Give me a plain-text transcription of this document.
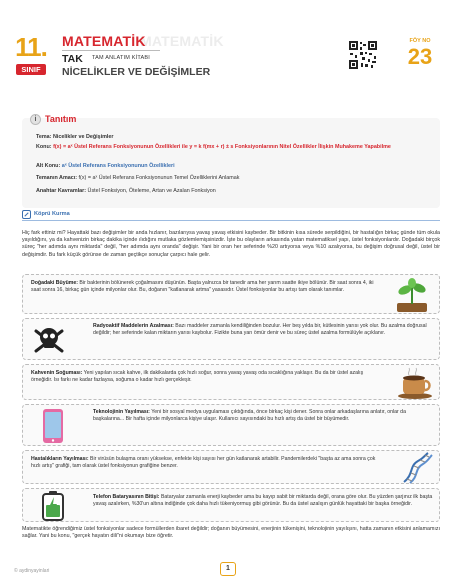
11.
SINIF
MATEMATİK
MATEMATİK
TAK TAM ANLATIM KİTABI
NİCELİKLER VE DEĞİŞİMLER
FÖY NO
23
i Tanıtım
Tema: Nicelikler ve Değişimler
Konu: f(x) = aˣ Üstel Referans Fonksiyonunun Özellikleri ile y = k f(mx + r) ± s Fonksiyonlarının Nitel Özellikler İlişkin Muhakeme Yapabilme
Alt Konu: aˣ Üstel Referans Fonksiyonunun Özellikleri
Temanın Amacı: f(x) = aˣ Üstel Referans Fonksiyonunun Temel Özelliklerini Anlamak
Anahtar Kavramlar: Üstel Fonksiyon, Öteleme, Artan ve Azalan Fonksiyon
Köprü Kurma
Hiç fark ettiniz mi? Hayattaki bazı değişimler bir anda hızlanır, bazılarıysa yavaş yavaş etkisini kaybeder. Bir bitkinin kısa sürede serpildiğini, bir hastalığın birkaç günde tüm okula yayıldığını, ya da kahvenizin birkaç dakika içinde ılıdığını mutlaka gözlemlemişsinizdir. İşte bu olayların arkasında yatan matematiksel yapı, üstel fonksiyonlardır. Doğadaki birçok süreç "her adımda aynı miktarda" değil, "her adımda aynı oranda" değişir. Yani bir oran her seferinde %20 artıyorsa veya %10 azalıyorsa, bu değişim doğrusal değil, üstel bir değişimdir. Bu fark küçük görünse de zaman geçtikçe sonuçlar çarpıcı hale gelir.
Doğadaki Büyüme: Bir bakterinin bölünerek çoğalmasını düşünün. Başta yalnızca bir tanedir ama her yarım saatte ikiye bölünür. Bir saat sonra 4, iki saat sonra 16, birkaç gün içinde milyonlar olur. Bu, doğanın "katlanarak artma" yasasıdır. Üstel fonksiyonlar bu artışı tam olarak tanımlar.
Radyoaktif Maddelerin Azalması: Bazı maddeler zamanla kendiliğinden bozulur. Her beş yılda bir, kütlesinin yarısı yok olur. Bu azalma doğrusal değildir; her seferinde kalan miktarın yarısı kaybolur. Fizikte buna yarı ömür denir ve bu süreç üstel azalma formülüyle açıklanır.
Kahvenin Soğuması: Yeni yapılan sıcak kahve, ilk dakikalarda çok hızlı soğur, sonra yavaş yavaş oda sıcaklığına yaklaşır. Bu da bir üstel azalış örneğidir. Isı farkı ne kadar fazlaysa, soğuma o kadar hızlı gerçekleşir.
Teknolojinin Yayılması: Yeni bir sosyal medya uygulaması çıktığında, önce birkaç kişi dener. Sonra onlar arkadaşlarına anlatır, onlar da başkalarına... Bir hafta içinde milyonlarca kişiye ulaşır. Kullanıcı sayısındaki bu hızlı artış da üstel bir büyümedir.
Hastalıkların Yayılması: Bir virüsün bulaşma oranı yüksekse, enfekte kişi sayısı her gün katlanarak artabilir. Pandemilerdeki "başta az ama sonra çok hızlı artış" grafiği, tam olarak üstel fonksiyonun grafiğine benzer.
Telefon Bataryasının Bitişi: Bataryalar zamanla enerji kaybeder ama bu kayıp sabit bir miktarda değil, orana göre olur. Bu yüzden şarjınız ilk başta yavaş azalırken, %30'un altına indiğinde çok daha hızlı tükeniyormuş gibi görünür. Bu da üstel azalışın günlük hayattaki bir başka örneğidir.
Matematikte öğrendiğimiz üstel fonksiyonlar sadece formüllerden ibaret değildir; doğanın büyümesini, enerjinin tükenişini, teknolojinin yayılışını, hatta zamanın etkisini anlamamızı sağlar. Yani bu konu, "gerçek hayatın dili"ni okumayı bize öğretir.
© aydinyayinlari	1
